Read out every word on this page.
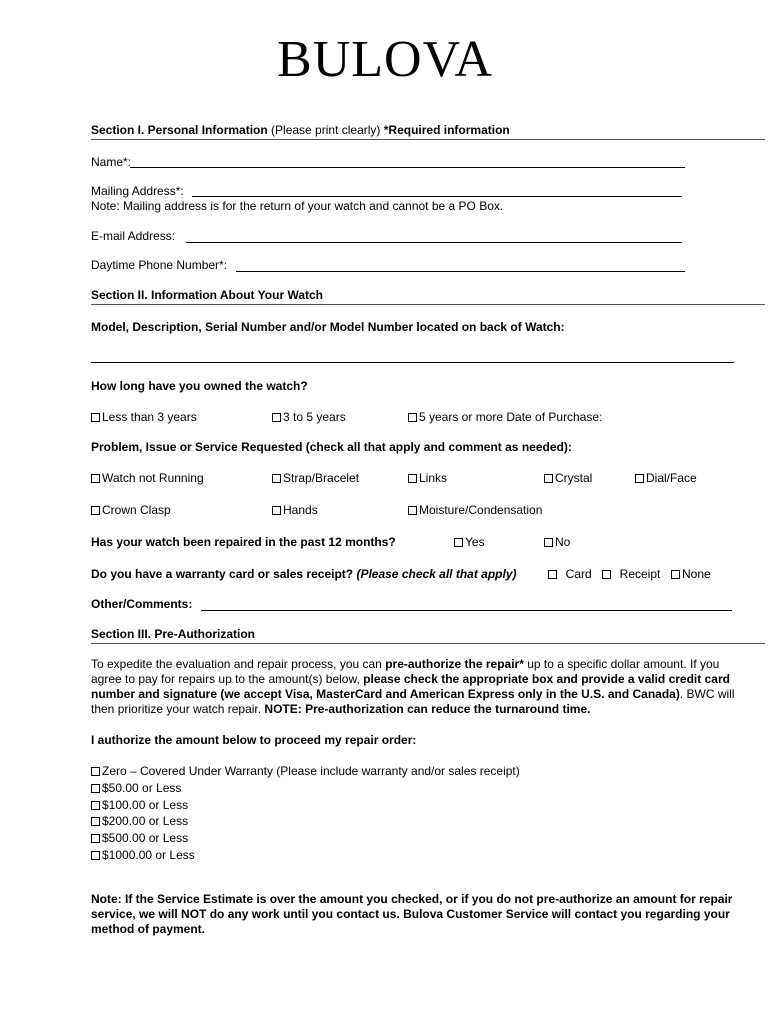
BULOVA
Section I. Personal Information (Please print clearly) *Required information
Name*:
Mailing Address*:
Note: Mailing address is for the return of your watch and cannot be a PO Box.
E-mail Address:
Daytime Phone Number*:
Section II. Information About Your Watch
Model, Description, Serial Number and/or Model Number located on back of Watch:
How long have you owned the watch?
Less than 3 years	3 to 5 years	5 years or more Date of Purchase:
Problem, Issue or Service Requested (check all that apply and comment as needed):
Watch not Running	Strap/Bracelet	Links	Crystal	Dial/Face
Crown Clasp	Hands	Moisture/Condensation
Has your watch been repaired in the past 12 months?	Yes	No
Do you have a warranty card or sales receipt? (Please check all that apply)	Card	Receipt	None
Other/Comments:
Section III. Pre-Authorization
To expedite the evaluation and repair process, you can pre-authorize the repair* up to a specific dollar amount. If you agree to pay for repairs up to the amount(s) below, please check the appropriate box and provide a valid credit card number and signature (we accept Visa, MasterCard and American Express only in the U.S. and Canada). BWC will then prioritize your watch repair. NOTE: Pre-authorization can reduce the turnaround time.
I authorize the amount below to proceed my repair order:
Zero – Covered Under Warranty (Please include warranty and/or sales receipt)
$50.00 or Less
$100.00 or Less
$200.00 or Less
$500.00 or Less
$1000.00 or Less
Note: If the Service Estimate is over the amount you checked, or if you do not pre-authorize an amount for repair service, we will NOT do any work until you contact us. Bulova Customer Service will contact you regarding your method of payment.
